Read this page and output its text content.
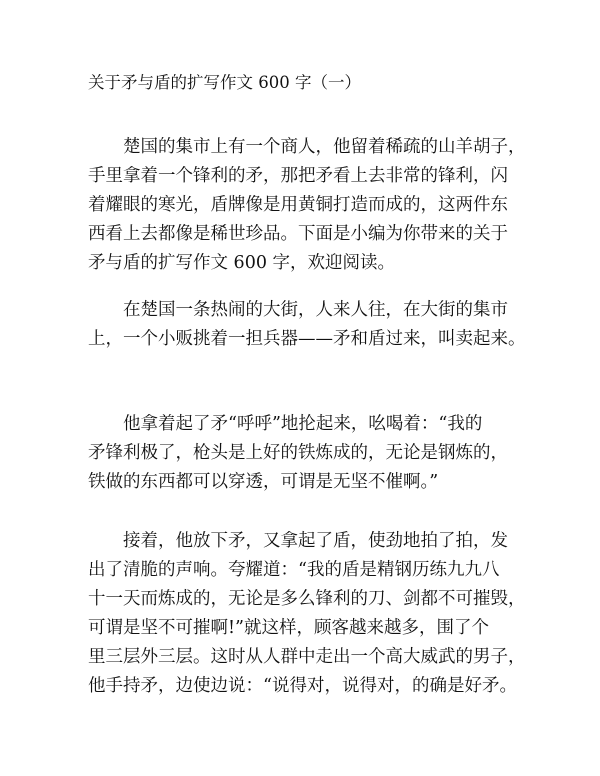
关于矛与盾的扩写作文 600 字（一）
　　楚国的集市上有一个商人，他留着稀疏的山羊胡子，
手里拿着一个锋利的矛，那把矛看上去非常的锋利，闪
着耀眼的寒光，盾牌像是用黄铜打造而成的，这两件东
西看上去都像是稀世珍品。下面是小编为你带来的关于
矛与盾的扩写作文 600 字，欢迎阅读。
　　在楚国一条热闹的大街，人来人往，在大街的集市
上，一个小贩挑着一担兵器——矛和盾过来，叫卖起来。
　　他拿着起了矛“呼呼”地抡起来，吆喝着：“我的
矛锋利极了，枪头是上好的铁炼成的，无论是钢炼的，
铁做的东西都可以穿透，可谓是无坚不催啊。”
　　接着，他放下矛，又拿起了盾，使劲地拍了拍，发
出了清脆的声响。夸耀道：“我的盾是精钢历练九九八
十一天而炼成的，无论是多么锋利的刀、剑都不可摧毁，
可谓是坚不可摧啊!”就这样，顾客越来越多，围了个
里三层外三层。这时从人群中走出一个高大威武的男子，
他手持矛，边使边说：“说得对，说得对，的确是好矛。
